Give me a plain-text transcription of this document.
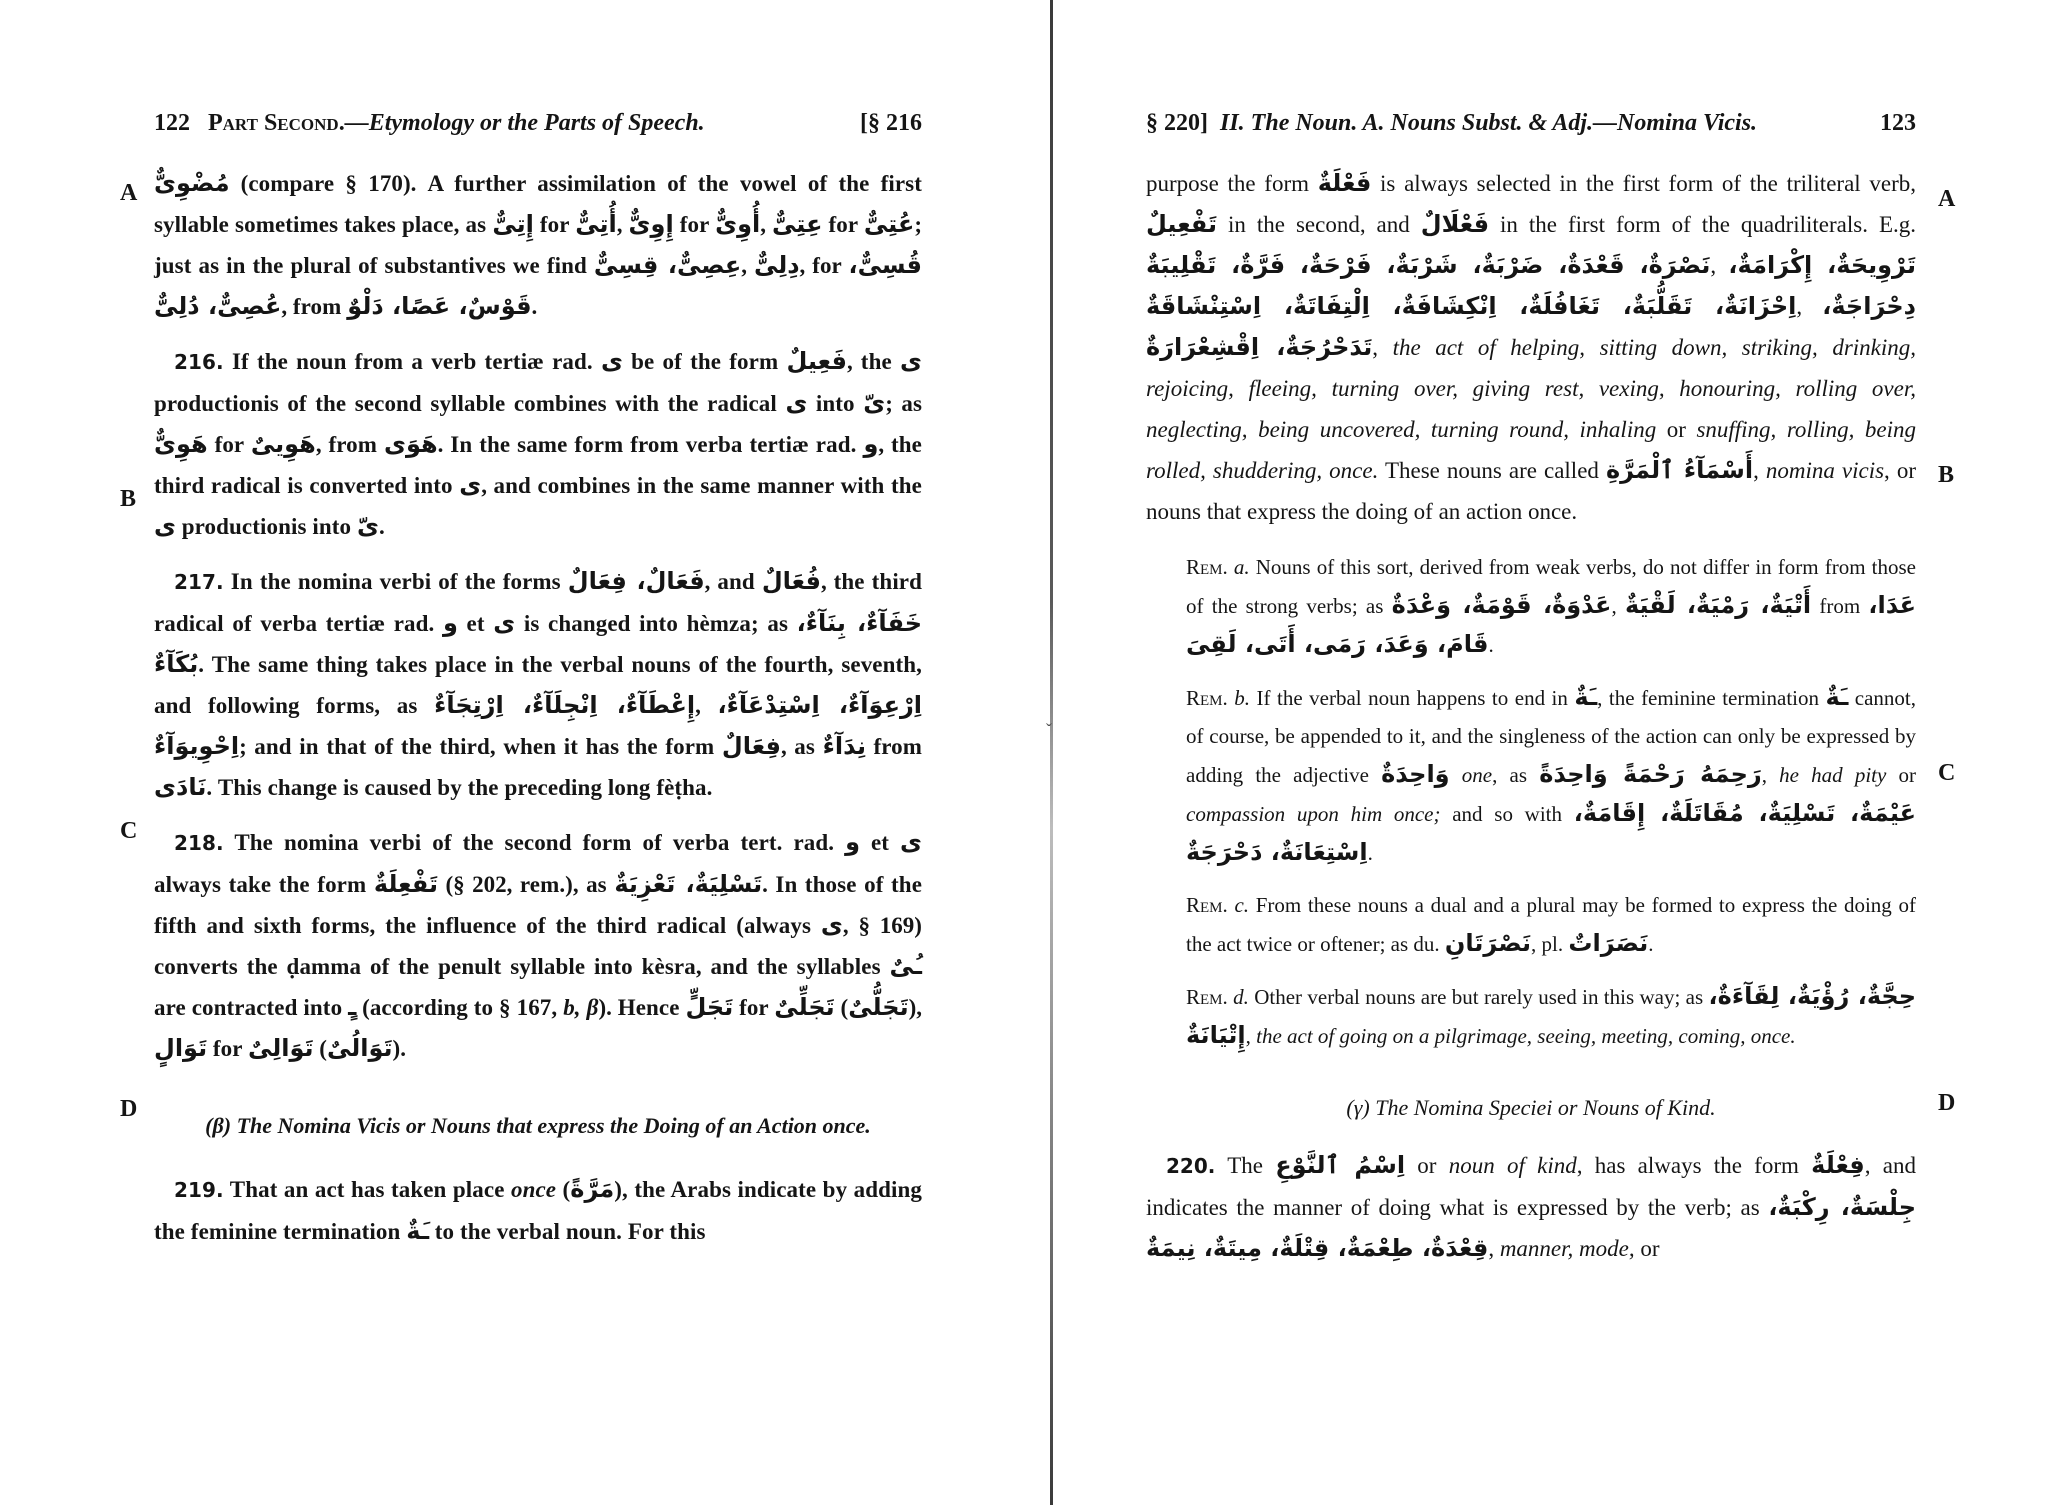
ˇ
122 Part Second.—Etymology or the Parts of Speech.	[§ 216

مُضْوِىٌّ (compare § 170). A further assimilation of the vowel of the first syllable sometimes takes place, as إِتِىٌّ for أُتِىٌّ, إِوِىٌّ for أُوِىٌّ, عِتِىٌّ for عُتِىٌّ; just as in the plural of substantives we find عِصِىٌّ، قِسِىٌّ, دِلِىٌّ, for قُسِىٌّ، عُصِىٌّ، دُلِىٌّ, from قَوْسٌ، عَصًا، دَلْوٌ.

216. If the noun from a verb tertiæ rad. ى be of the form فَعِيلٌ, the ى productionis of the second syllable combines with the radical ى into ىّ; as هَوِىٌّ for هَوِيىٌ, from هَوَى. In the same form from verba tertiæ rad. و, the third radical is converted into ى, and combines in the same manner with the ى productionis into ىّ.

217. In the nomina verbi of the forms فَعَالٌ، فِعَالٌ, and فُعَالٌ, the third radical of verba tertiæ rad. و et ى is changed into hèmza; as خَفَآءٌ، بِنَآءٌ، بُكَآءٌ. The same thing takes place in the verbal nouns of the fourth, seventh, and following forms, as إِعْطَآءٌ، اِنْجِلَآءٌ، اِرْتِجَآءٌ, اِرْعِوَآءٌ، اِسْتِدْعَآءٌ، اِحْوِيوَآءٌ; and in that of the third, when it has the form فِعَالٌ, as نِدَآءٌ from نَادَى. This change is caused by the preceding long fèṭha.

218. The nomina verbi of the second form of verba tert. rad. و et ى always take the form تَفْعِلَةٌ (§ 202, rem.), as تَسْلِيَةٌ، تَعْزِيَةٌ. In those of the fifth and sixth forms, the influence of the third radical (always ى, § 169) converts the ḍamma of the penult syllable into kèsra, and the syllables ـُىٌ are contracted into ـٍ (according to § 167, b, β). Hence تَجَلٍّ for تَجَلِّىٌ (تَجَلُّىٌ), تَوَالٍ for تَوَالِىٌ (تَوَالُىٌ).

(β) The Nomina Vicis or Nouns that express the Doing of an Action once.

219. That an act has taken place once (مَرَّةً), the Arabs indicate by adding the feminine termination ـَةٌ to the verbal noun. For this

A
B
C
D
§ 220] II. The Noun. A. Nouns Subst. & Adj.—Nomina Vicis.	123

purpose the form فَعْلَةٌ is always selected in the first form of the triliteral verb, تَفْعِيلٌ in the second, and فَعْلَالٌ in the first form of the quadriliterals. E.g. نَصْرَةٌ، قَعْدَةٌ، ضَرْبَةٌ، شَرْبَةٌ، فَرْحَةٌ، فَرَّةٌ، تَقْلِيبَةٌ, تَرْوِيحَةٌ، إِكْرَامَةٌ، اِحْزَانَةٌ، تَقَلُّبَةٌ، تَغَافُلَةٌ، اِنْكِشَافَةٌ، اِلْتِفَاتَةٌ، اِسْتِنْشَاقَةٌ, دِحْرَاجَةٌ، تَدَحْرُجَةٌ، اِقْشِعْرَارَةٌ, the act of helping, sitting down, striking, drinking, rejoicing, fleeing, turning over, giving rest, vexing, honouring, rolling over, neglecting, being uncovered, turning round, inhaling or snuffing, rolling, being rolled, shuddering, once. These nouns are called أَسْمَآءُ ٱلْمَرَّةِ, nomina vicis, or nouns that express the doing of an action once.

Rem. a. Nouns of this sort, derived from weak verbs, do not differ in form from those of the strong verbs; as عَدْوَةٌ، قَوْمَةٌ، وَعْدَةٌ, أَتْيَةٌ، رَمْيَةٌ، لَقْيَةٌ from عَدَا، قَامَ، وَعَدَ، رَمَى، أَتَى، لَقِىَ.

Rem. b. If the verbal noun happens to end in ـَةٌ, the feminine termination ـَةٌ cannot, of course, be appended to it, and the singleness of the action can only be expressed by adding the adjective وَاحِدَةٌ one, as رَحِمَهُ رَحْمَةً وَاحِدَةً, he had pity or compassion upon him once; and so with عَيْمَةٌ، تَسْلِيَةٌ، مُقَاتَلَةٌ، إِقَامَةٌ، اِسْتِعَانَةٌ، دَحْرَجَةٌ.

Rem. c. From these nouns a dual and a plural may be formed to express the doing of the act twice or oftener; as du. نَصْرَتَانِ, pl. نَصَرَاتٌ.

Rem. d. Other verbal nouns are but rarely used in this way; as حِجَّةٌ، رُؤْيَةٌ، لِقَآءَةٌ، إِتْيَانَةٌ, the act of going on a pilgrimage, seeing, meeting, coming, once.

(γ) The Nomina Speciei or Nouns of Kind.

220. The اِسْمُ ٱلنَّوْعِ or noun of kind, has always the form فِعْلَةٌ, and indicates the manner of doing what is expressed by the verb; as جِلْسَةٌ، رِكْبَةٌ، قِعْدَةٌ، طِعْمَةٌ، قِتْلَةٌ، مِيتَةٌ، نِيمَةٌ, manner, mode, or

A
B
C
D
